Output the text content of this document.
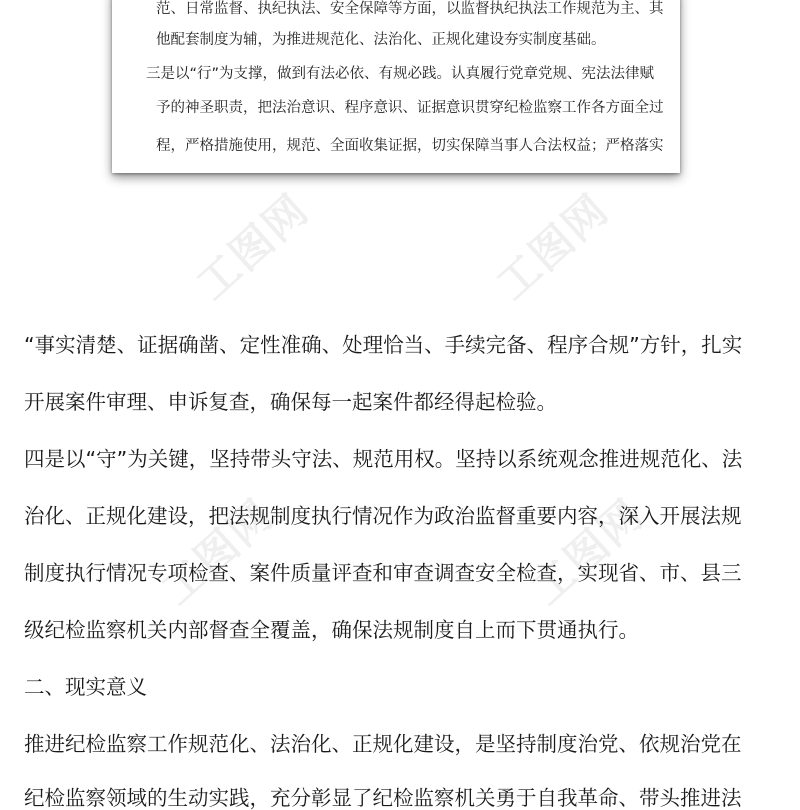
范、日常监督、执纪执法、安全保障等方面，以监督执纪执法工作规范为主、其
他配套制度为辅，为推进规范化、法治化、正规化建设夯实制度基础。
三是以“行”为支撑，做到有法必依、有规必践。认真履行党章党规、宪法法律赋
予的神圣职责，把法治意识、程序意识、证据意识贯穿纪检监察工作各方面全过
程，严格措施使用，规范、全面收集证据，切实保障当事人合法权益；严格落实
工图网	工图网
工图网	工图网
“事实清楚、证据确凿、定性准确、处理恰当、手续完备、程序合规”方针，扎实
开展案件审理、申诉复查，确保每一起案件都经得起检验。
四是以“守”为关键，坚持带头守法、规范用权。坚持以系统观念推进规范化、法
治化、正规化建设，把法规制度执行情况作为政治监督重要内容，深入开展法规
制度执行情况专项检查、案件质量评查和审查调查安全检查，实现省、市、县三
级纪检监察机关内部督查全覆盖，确保法规制度自上而下贯通执行。
二、现实意义
推进纪检监察工作规范化、法治化、正规化建设，是坚持制度治党、依规治党在
纪检监察领域的生动实践，充分彰显了纪检监察机关勇于自我革命、带头推进法
